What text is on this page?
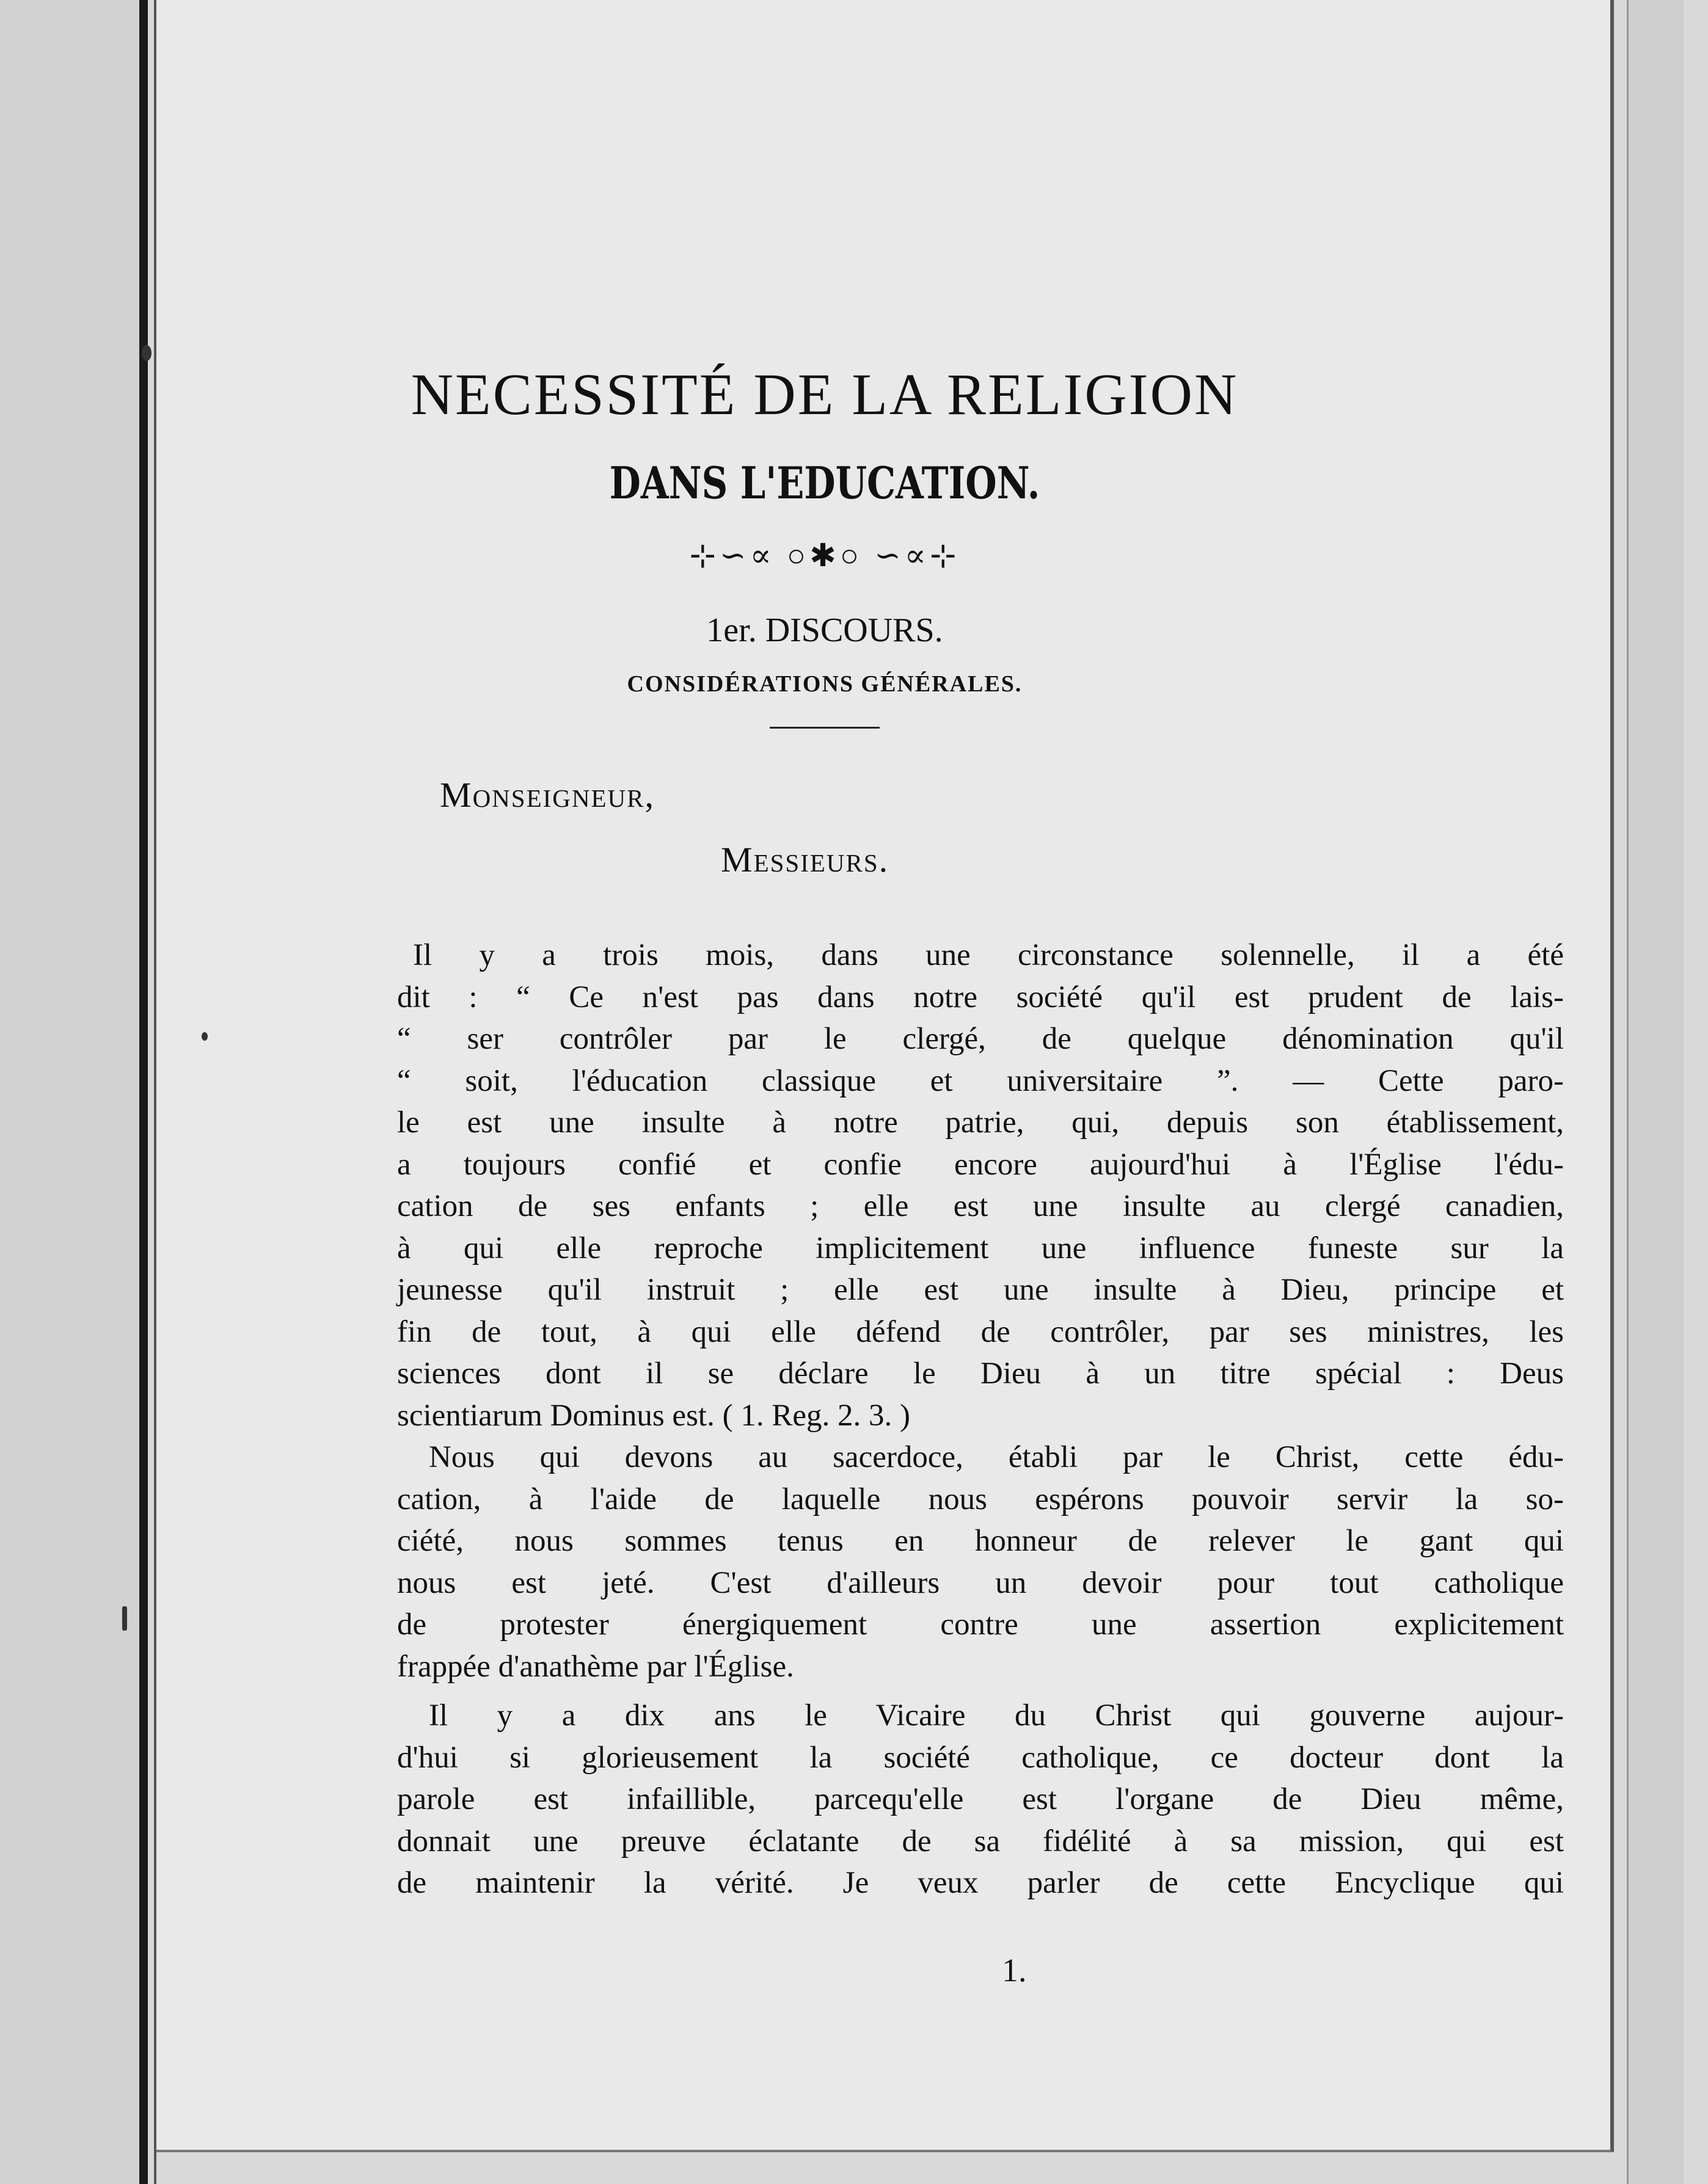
NECESSITÉ DE LA RELIGION
DANS L'EDUCATION.
⊹∽∝ ○✱○ ∽∝⊹
1er. DISCOURS.
CONSIDÉRATIONS GÉNÉRALES.
Monseigneur,
Messieurs.
Il y a trois mois, dans une circonstance solennelle, il a été
dit : “ Ce n'est pas dans notre société qu'il est prudent de lais-
“ ser contrôler par le clergé, de quelque dénomination qu'il
“ soit, l'éducation classique et universitaire ”. — Cette paro-
le est une insulte à notre patrie, qui, depuis son établissement,
a toujours confié et confie encore aujourd'hui à l'Église l'édu-
cation de ses enfants ; elle est une insulte au clergé canadien,
à qui elle reproche implicitement une influence funeste sur la
jeunesse qu'il instruit ; elle est une insulte à Dieu, principe et
fin de tout, à qui elle défend de contrôler, par ses ministres, les
sciences dont il se déclare le Dieu à un titre spécial : Deus
scientiarum Dominus est. ( 1. Reg. 2. 3. )
Nous qui devons au sacerdoce, établi par le Christ, cette édu-
cation, à l'aide de laquelle nous espérons pouvoir servir la so-
ciété, nous sommes tenus en honneur de relever le gant qui
nous est jeté. C'est d'ailleurs un devoir pour tout catholique
de protester énergiquement contre une assertion explicitement
frappée d'anathème par l'Église.
Il y a dix ans le Vicaire du Christ qui gouverne aujour-
d'hui si glorieusement la société catholique, ce docteur dont la
parole est infaillible, parcequ'elle est l'organe de Dieu même,
donnait une preuve éclatante de sa fidélité à sa mission, qui est
de maintenir la vérité. Je veux parler de cette Encyclique qui
1.
